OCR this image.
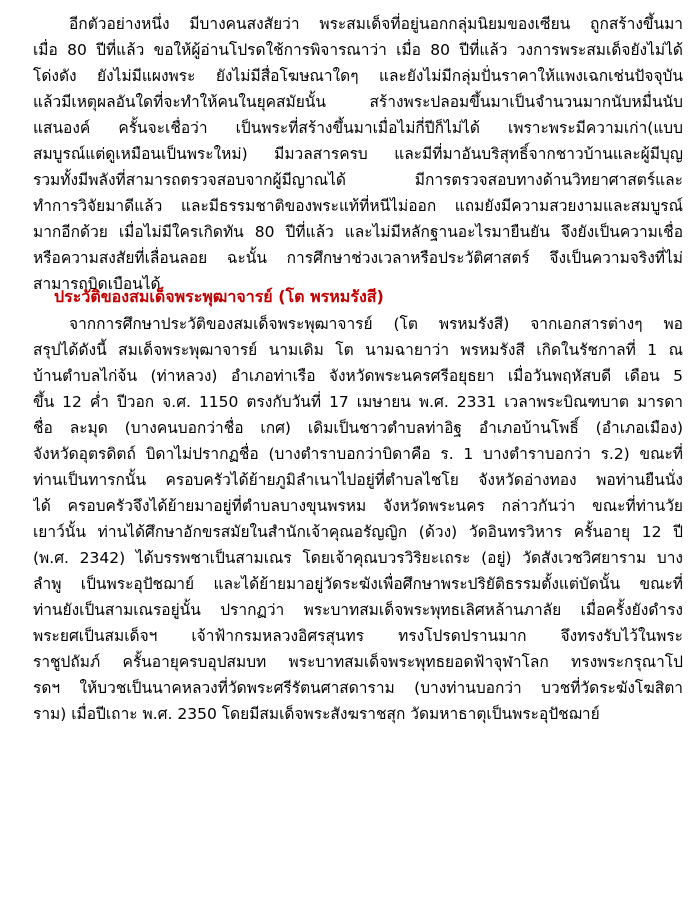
อีกตัวอย่างหนึ่ง มีบางคนสงสัยว่า พระสมเด็จที่อยู่นอกกลุ่มนิยมของเซียน ถูกสร้างขึ้นมา
เมื่อ 80 ปีที่แล้ว ขอให้ผู้อ่านโปรดใช้การพิจารณาว่า เมื่อ 80 ปีที่แล้ว วงการพระสมเด็จยังไม่ได้
โด่งดัง ยังไม่มีแผงพระ ยังไม่มีสื่อโฆษณาใดๆ และยังไม่มีกลุ่มปั่นราคาให้แพงเฉกเช่นปัจจุบัน
แล้วมีเหตุผลอันใดที่จะทำให้คนในยุคสมัยนั้น สร้างพระปลอมขึ้นมาเป็นจำนวนมากนับหมื่นนับ
แสนองค์ ครั้นจะเชื่อว่า เป็นพระที่สร้างขึ้นมาเมื่อไม่กี่ปีก็ไม่ได้ เพราะพระมีความเก่า(แบบ
สมบูรณ์แต่ดูเหมือนเป็นพระใหม่) มีมวลสารครบ และมีที่มาอันบริสุทธิ์จากชาวบ้านและผู้มีบุญ
รวมทั้งมีพลังที่สามารถตรวจสอบจากผู้มีญาณได้ มีการตรวจสอบทางด้านวิทยาศาสตร์และ
ทำการวิจัยมาดีแล้ว และมีธรรมชาติของพระแท้ที่หนีไม่ออก แถมยังมีความสวยงามและสมบูรณ์
มากอีกด้วย เมื่อไม่มีใครเกิดทัน 80 ปีที่แล้ว และไม่มีหลักฐานอะไรมายืนยัน จึงยังเป็นความเชื่อ
หรือความสงสัยที่เลื่อนลอย ฉะนั้น การศึกษาช่วงเวลาหรือประวัติศาสตร์ จึงเป็นความจริงที่ไม่
สามารถบิดเบือนได้
ประวัติของสมเด็จพระพุฒาจารย์ (โต พรหมรังสี)
จากการศึกษาประวัติของสมเด็จพระพุฒาจารย์ (โต พรหมรังสี) จากเอกสารต่างๆ พอ
สรุปได้ดังนี้ สมเด็จพระพุฒาจารย์ นามเดิม โต นามฉายาว่า พรหมรังสี เกิดในรัชกาลที่ 1 ณ
บ้านตำบลไก่จ้น (ท่าหลวง) อำเภอท่าเรือ จังหวัดพระนครศรีอยุธยา เมื่อวันพฤหัสบดี เดือน 5
ขึ้น 12 ค่ำ ปีวอก จ.ศ. 1150 ตรงกับวันที่ 17 เมษายน พ.ศ. 2331 เวลาพระบิณฑบาต มารดา
ชื่อ ละมุด (บางคนบอกว่าชื่อ เกศ) เดิมเป็นชาวตำบลท่าอิฐ อำเภอบ้านโพธิ์ (อำเภอเมือง)
จังหวัดอุตรดิตถ์ บิดาไม่ปรากฏชื่อ (บางตำราบอกว่าบิดาคือ ร. 1 บางตำราบอกว่า ร.2) ขณะที่
ท่านเป็นทารกนั้น ครอบครัวได้ย้ายภูมิลำเนาไปอยู่ที่ตำบลไชโย จังหวัดอ่างทอง พอท่านยืนนั่ง
ได้ ครอบครัวจึงได้ย้ายมาอยู่ที่ตำบลบางขุนพรหม จังหวัดพระนคร กล่าวกันว่า ขณะที่ท่านวัย
เยาว์นั้น ท่านได้ศึกษาอักขรสมัยในสำนักเจ้าคุณอรัญญิก (ด้วง) วัดอินทรวิหาร ครั้นอายุ 12 ปี
(พ.ศ. 2342) ได้บรรพชาเป็นสามเณร โดยเจ้าคุณบวรวิริยะเถระ (อยู่) วัดสังเวชวิศยาราม บาง
ลำพู เป็นพระอุปัชฌาย์ และได้ย้ายมาอยู่วัดระฆังเพื่อศึกษาพระปริยัติธรรมตั้งแต่บัดนั้น ขณะที่
ท่านยังเป็นสามเณรอยู่นั้น ปรากฏว่า พระบาทสมเด็จพระพุทธเลิศหล้านภาลัย เมื่อครั้งยังดำรง
พระยศเป็นสมเด็จฯ เจ้าฟ้ากรมหลวงอิศรสุนทร ทรงโปรดปรานมาก จึงทรงรับไว้ในพระ
ราชูปถัมภ์ ครั้นอายุครบอุปสมบท พระบาทสมเด็จพระพุทธยอดฟ้าจุฬาโลก ทรงพระกรุณาโป
รดฯ ให้บวชเป็นนาคหลวงที่วัดพระศรีรัตนศาสดาราม (บางท่านบอกว่า บวชที่วัดระฆังโฆสิตา
ราม) เมื่อปีเถาะ พ.ศ. 2350 โดยมีสมเด็จพระสังฆราชสุก วัดมหาธาตุเป็นพระอุปัชฌาย์
